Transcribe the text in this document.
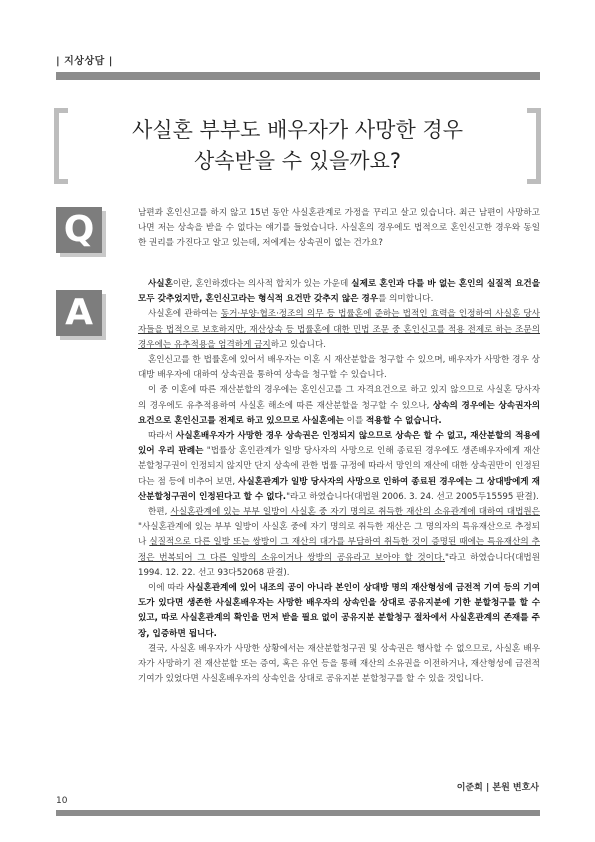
| 지상상담 |
사실혼 부부도 배우자가 사망한 경우
상속받을 수 있을까요?
Q	남편과 혼인신고를 하지 않고 15년 동안 사실혼관계로 가정을 꾸리고 살고 있습니다. 최근 남편이 사망하고 나면 저는 상속을 받을 수 없다는 얘기를 들었습니다. 사실혼의 경우에도 법적으로 혼인신고한 경우와 동일한 권리를 가진다고 알고 있는데, 저에게는 상속권이 없는 건가요?

A

사실혼이란, 혼인하겠다는 의사적 합치가 있는 가운데 실제로 혼인과 다를 바 없는 혼인의 실질적 요건을 모두 갖추었지만, 혼인신고라는 형식적 요건만 갖추지 않은 경우를 의미합니다.

사실혼에 관하여는 동거·부양·협조·정조의 의무 등 법률혼에 준하는 법적인 효력을 인정하여 사실혼 당사자들을 법적으로 보호하지만, 재산상속 등 법률혼에 대한 민법 조문 중 혼인신고를 적용 전제로 하는 조문의 경우에는 유추적용을 엄격하게 금지하고 있습니다.

혼인신고를 한 법률혼에 있어서 배우자는 이혼 시 재산분할을 청구할 수 있으며, 배우자가 사망한 경우 상대방 배우자에 대하여 상속권을 통하여 상속을 청구할 수 있습니다.

이 중 이혼에 따른 재산분할의 경우에는 혼인신고를 그 자격요건으로 하고 있지 않으므로 사실혼 당사자의 경우에도 유추적용하여 사실혼 해소에 따른 재산분할을 청구할 수 있으나, 상속의 경우에는 상속권자의 요건으로 혼인신고를 전제로 하고 있으므로 사실혼에는 이를 적용할 수 없습니다.

따라서 사실혼배우자가 사망한 경우 상속권은 인정되지 않으므로 상속은 할 수 없고, 재산분할의 적용에 있어 우리 판례는 "법률상 혼인관계가 일방 당사자의 사망으로 인해 종료된 경우에도 생존배우자에게 재산분할청구권이 인정되지 않지만 단지 상속에 관한 법률 규정에 따라서 망인의 재산에 대한 상속권만이 인정된다는 점 등에 비추어 보면, 사실혼관계가 일방 당사자의 사망으로 인하여 종료된 경우에는 그 상대방에게 재산분할청구권이 인정된다고 할 수 없다."라고 하였습니다(대법원 2006. 3. 24. 선고 2005두15595 판결).

한편, 사실혼관계에 있는 부부 일방이 사실혼 중 자기 명의로 취득한 재산의 소유관계에 대하여 대법원은 "사실혼관계에 있는 부부 일방이 사실혼 중에 자기 명의로 취득한 재산은 그 명의자의 특유재산으로 추정되나 실질적으로 다른 일방 또는 쌍방이 그 재산의 대가를 부담하여 취득한 것이 증명된 때에는 특유재산의 추정은 번복되어 그 다른 일방의 소유이거나 쌍방의 공유라고 보아야 할 것이다."라고 하였습니다(대법원 1994. 12. 22. 선고 93다52068 판결).

이에 따라 사실혼관계에 있어 내조의 공이 아니라 본인이 상대방 명의 재산형성에 금전적 기여 등의 기여도가 있다면 생존한 사실혼배우자는 사망한 배우자의 상속인을 상대로 공유지분에 기한 분할청구를 할 수 있고, 따로 사실혼관계의 확인을 먼저 받을 필요 없이 공유지분 분할청구 절차에서 사실혼관계의 존재를 주장, 입증하면 됩니다.

결국, 사실혼 배우자가 사망한 상황에서는 재산분할청구권 및 상속권은 행사할 수 없으므로, 사실혼 배우자가 사망하기 전 재산분할 또는 증여, 혹은 유언 등을 통해 재산의 소유권을 이전하거나, 재산형성에 금전적 기여가 있었다면 사실혼배우자의 상속인을 상대로 공유지분 분할청구를 할 수 있을 것입니다.

이준희 | 본원 변호사
10
